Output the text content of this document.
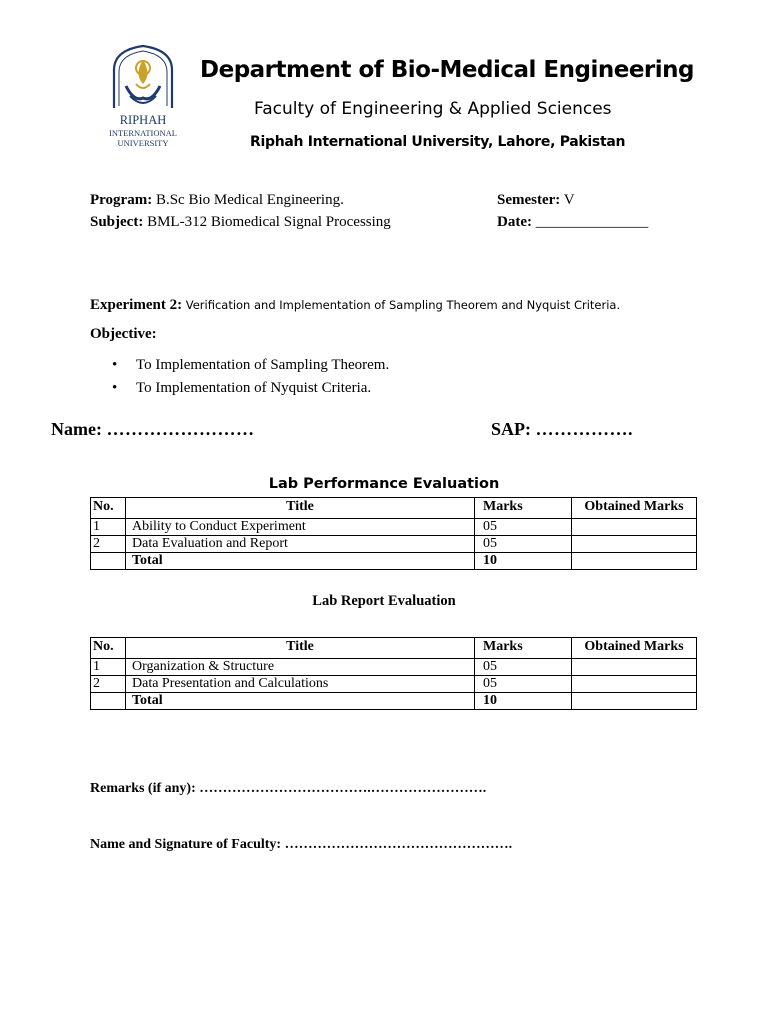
RIPHAH
INTERNATIONAL
UNIVERSITY
Department of Bio-Medical Engineering
Faculty of Engineering & Applied Sciences
Riphah International University, Lahore, Pakistan
Program: B.Sc Bio Medical Engineering.
Subject: BML-312 Biomedical Signal Processing
Semester: V
Date: _______________
Experiment 2: Verification and Implementation of Sampling Theorem and Nyquist Criteria.
Objective:
• To Implementation of Sampling Theorem.
• To Implementation of Nyquist Criteria.
Name: ……………………	SAP: …………….
Lab Performance Evaluation
No.	Title	Marks	Obtained Marks
1	Ability to Conduct Experiment	05	
2	Data Evaluation and Report	05	
	Total	10	
Lab Report Evaluation
No.	Title	Marks	Obtained Marks
1	Organization & Structure	05	
2	Data Presentation and Calculations	05	
	Total	10	
Remarks (if any): ……………………………….…………………….
Name and Signature of Faculty: ………………………………………….
